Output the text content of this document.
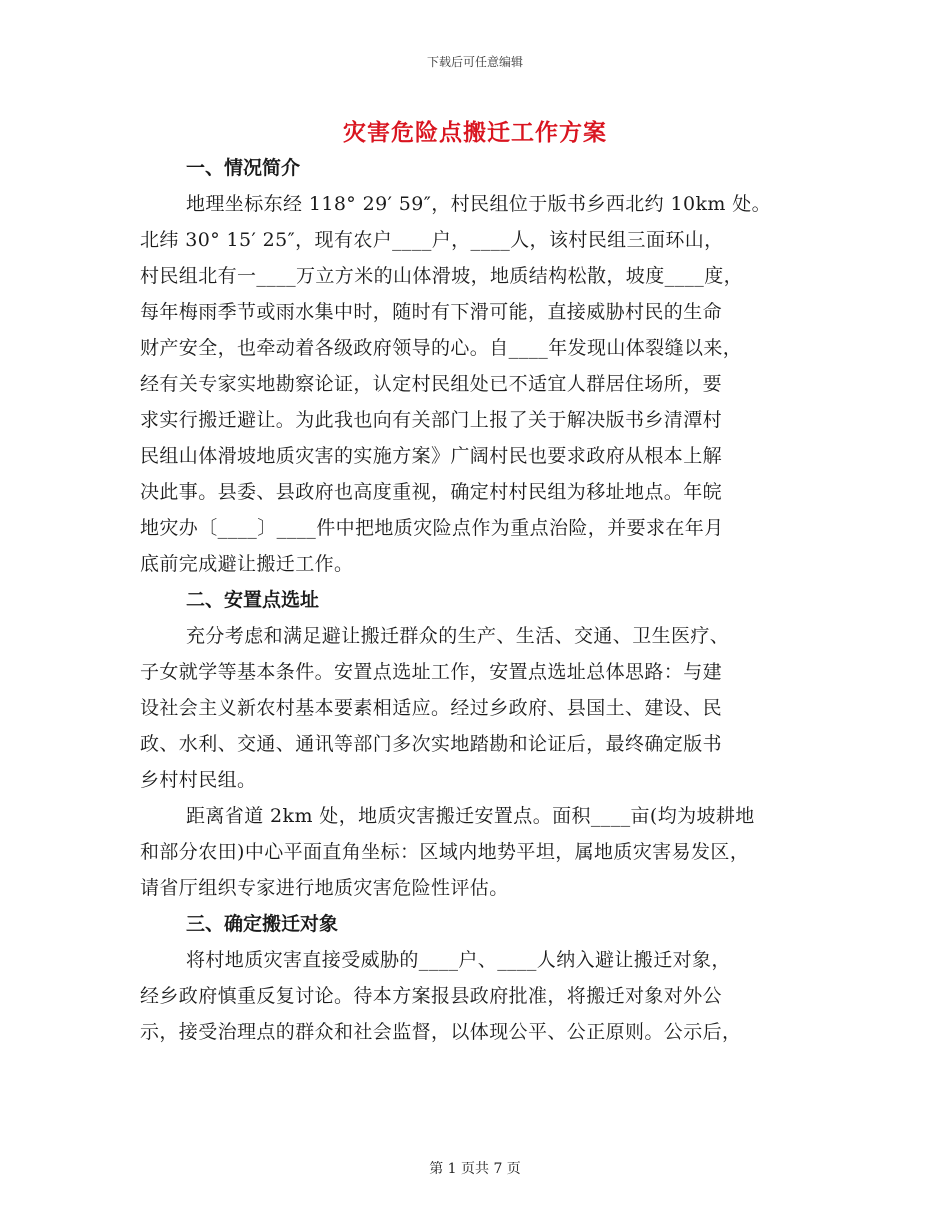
下载后可任意编辑
灾害危险点搬迁工作方案
一、情况简介
地理坐标东经 118° 29′ 59″，村民组位于版书乡西北约 10km 处。
北纬 30° 15′ 25″，现有农户____户，____人，该村民组三面环山，
村民组北有一____万立方米的山体滑坡，地质结构松散，坡度____度，
每年梅雨季节或雨水集中时，随时有下滑可能，直接威胁村民的生命
财产安全，也牵动着各级政府领导的心。自____年发现山体裂缝以来，
经有关专家实地勘察论证，认定村民组处已不适宜人群居住场所，要
求实行搬迁避让。为此我也向有关部门上报了关于解决版书乡清潭村
民组山体滑坡地质灾害的实施方案》广阔村民也要求政府从根本上解
决此事。县委、县政府也高度重视，确定村村民组为移址地点。年皖
地灾办〔____〕____件中把地质灾险点作为重点治险，并要求在年月
底前完成避让搬迁工作。
二、安置点选址
充分考虑和满足避让搬迁群众的生产、生活、交通、卫生医疗、
子女就学等基本条件。安置点选址工作，安置点选址总体思路：与建
设社会主义新农村基本要素相适应。经过乡政府、县国土、建设、民
政、水利、交通、通讯等部门多次实地踏勘和论证后，最终确定版书
乡村村民组。
距离省道 2km 处，地质灾害搬迁安置点。面积____亩(均为坡耕地
和部分农田)中心平面直角坐标：区域内地势平坦，属地质灾害易发区，
请省厅组织专家进行地质灾害危险性评估。
三、确定搬迁对象
将村地质灾害直接受威胁的____户、____人纳入避让搬迁对象，
经乡政府慎重反复讨论。待本方案报县政府批准，将搬迁对象对外公
示，接受治理点的群众和社会监督，以体现公平、公正原则。公示后，
第 1 页共 7 页
